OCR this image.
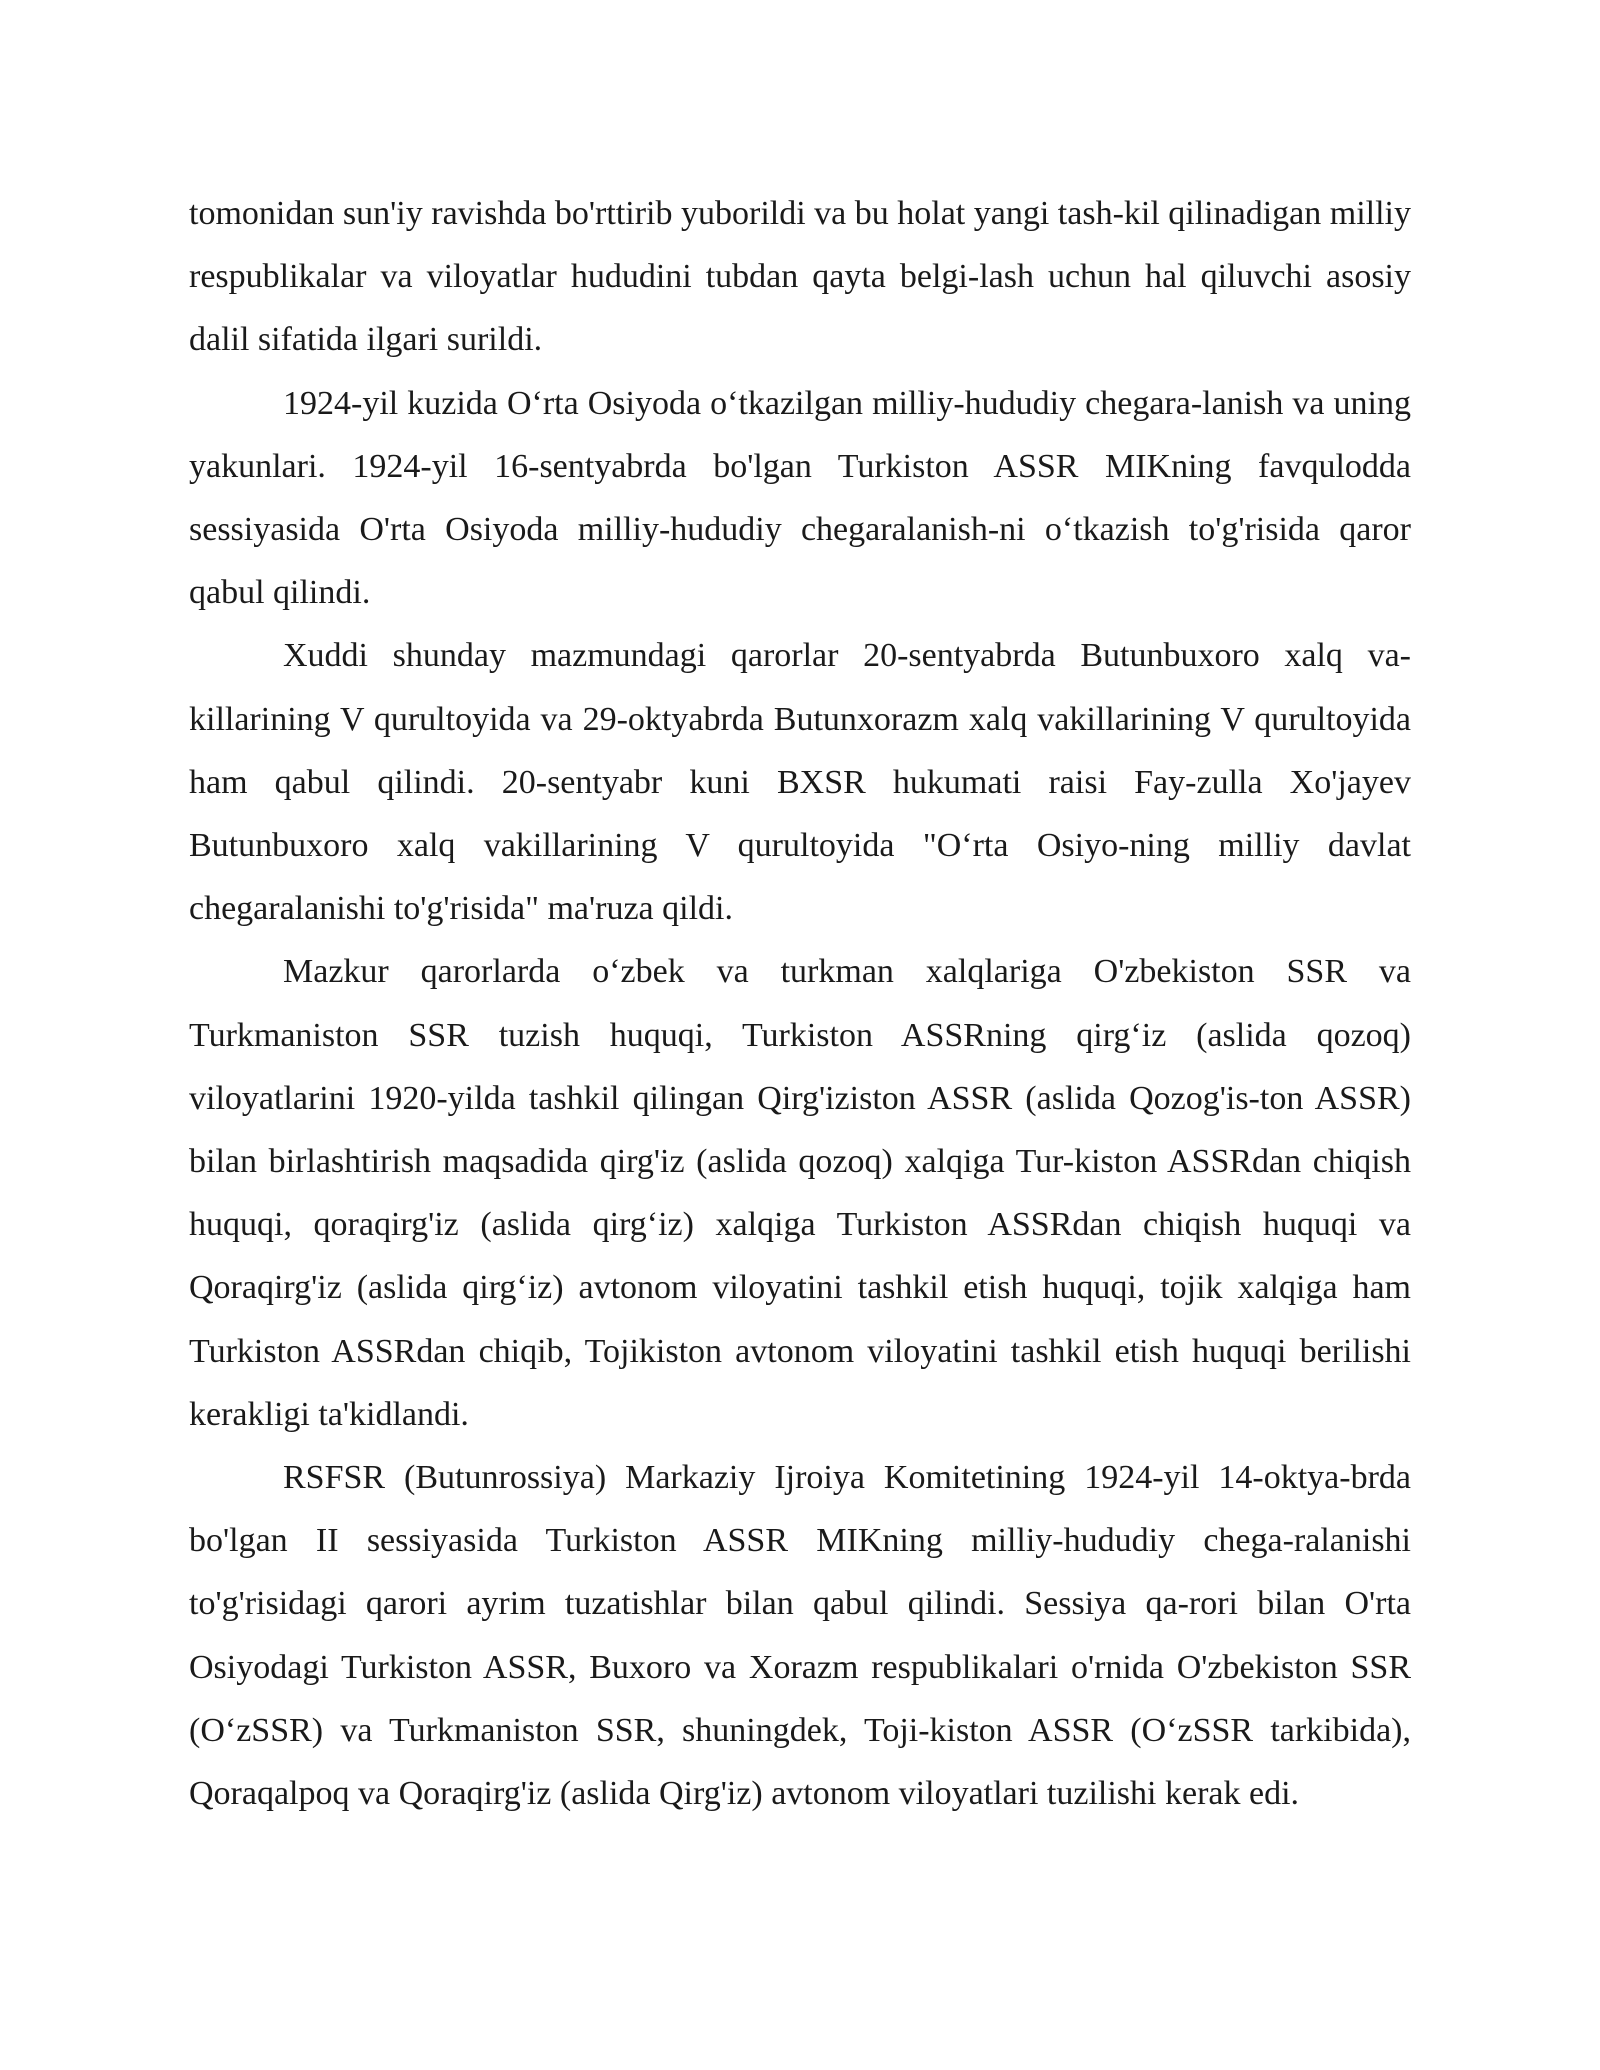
tomonidan sun'iy ravishda bo'rttirib yuborildi va bu holat yangi tash-kil qilinadigan milliy respublikalar va viloyatlar hududini tubdan qayta belgi-lash uchun hal qiluvchi asosiy dalil sifatida ilgari surildi.

1924-yil kuzida O‘rta Osiyoda o‘tkazilgan milliy-hududiy chegara-lanish va uning yakunlari. 1924-yil 16-sentyabrda bo'lgan Turkiston ASSR MIKning favqulodda sessiyasida O'rta Osiyoda milliy-hududiy chegaralanish-ni o‘tkazish to'g'risida qaror qabul qilindi.

Xuddi shunday mazmundagi qarorlar 20-sentyabrda Butunbuxoro xalq va-killarining V qurultoyida va 29-oktyabrda Butunxorazm xalq vakillarining V qurultoyida ham qabul qilindi. 20-sentyabr kuni BXSR hukumati raisi Fay-zulla Xo'jayev Butunbuxoro xalq vakillarining V qurultoyida "O‘rta Osiyo-ning milliy davlat chegaralanishi to'g'risida" ma'ruza qildi.

Mazkur qarorlarda o‘zbek va turkman xalqlariga O'zbekiston SSR va Turkmaniston SSR tuzish huquqi, Turkiston ASSRning qirg‘iz (aslida qozoq) viloyatlarini 1920-yilda tashkil qilingan Qirg'iziston ASSR (aslida Qozog'is-ton ASSR) bilan birlashtirish maqsadida qirg'iz (aslida qozoq) xalqiga Tur-kiston ASSRdan chiqish huquqi, qoraqirg'iz (aslida qirg‘iz) xalqiga Turkiston ASSRdan chiqish huquqi va Qoraqirg'iz (aslida qirg‘iz) avtonom viloyatini tashkil etish huquqi, tojik xalqiga ham Turkiston ASSRdan chiqib, Tojikiston avtonom viloyatini tashkil etish huquqi berilishi kerakligi ta'kidlandi.

RSFSR (Butunrossiya) Markaziy Ijroiya Komitetining 1924-yil 14-oktya-brda bo'lgan II sessiyasida Turkiston ASSR MIKning milliy-hududiy chega-ralanishi to'g'risidagi qarori ayrim tuzatishlar bilan qabul qilindi. Sessiya qa-rori bilan O'rta Osiyodagi Turkiston ASSR, Buxoro va Xorazm respublikalari o'rnida O'zbekiston SSR (O‘zSSR) va Turkmaniston SSR, shuningdek, Toji-kiston ASSR (O‘zSSR tarkibida), Qoraqalpoq va Qoraqirg'iz (aslida Qirg'iz) avtonom viloyatlari tuzilishi kerak edi.
